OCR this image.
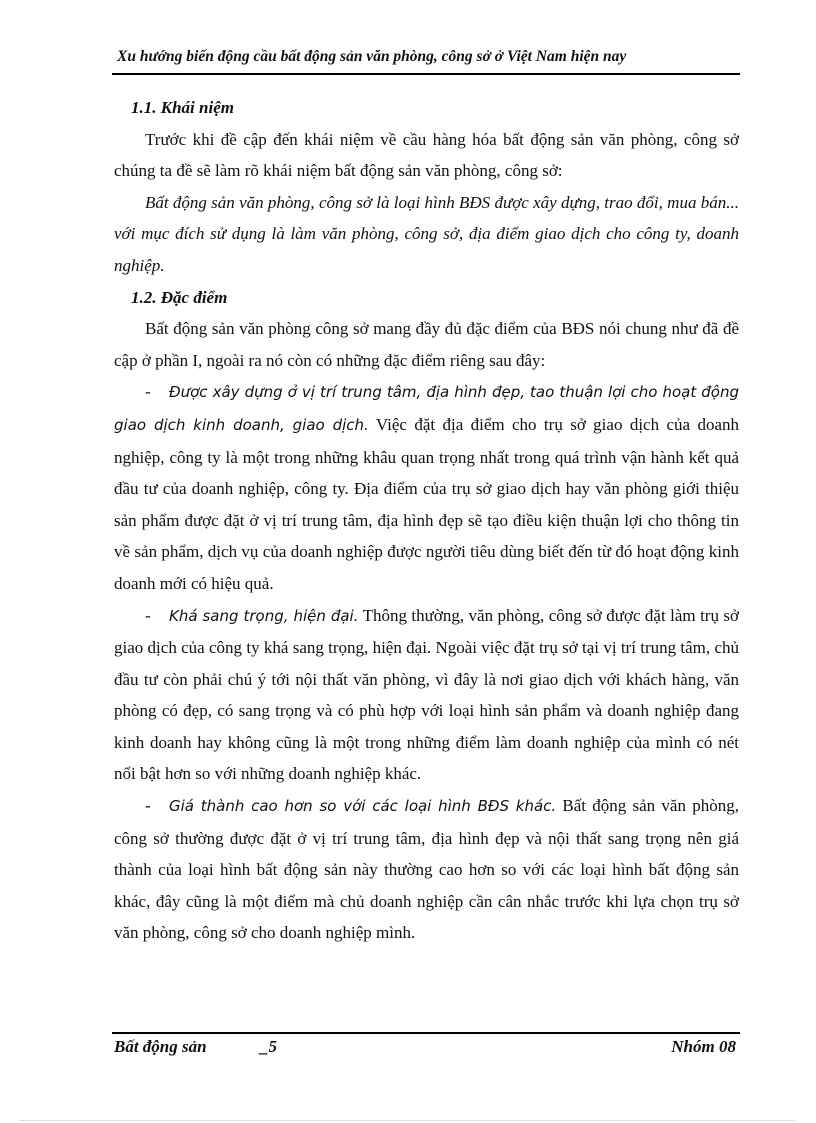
Xu hướng biến động cầu bất động sản văn phòng, công sở ở Việt Nam hiện nay

1.1. Khái niệm

Trước khi đề cập đến khái niệm về cầu hàng hóa bất động sản văn phòng, công sở chúng ta đề sẽ làm rõ khái niệm bất động sản văn phòng, công sở:

Bất động sản văn phòng, công sở là loại hình BĐS được xây dựng, trao đổi, mua bán... với mục đích sử dụng là làm văn phòng, công sở, địa điểm giao dịch cho công ty, doanh nghiệp.

1.2. Đặc điểm

Bất động sản văn phòng công sở mang đầy đủ đặc điểm của BĐS nói chung như đã đề cập ở phần I, ngoài ra nó còn có những đặc điểm riêng sau đây:

- Được xây dựng ở vị trí trung tâm, địa hình đẹp, tao thuận lợi cho hoạt động giao dịch kinh doanh, giao dịch. Việc đặt địa điểm cho trụ sở giao dịch của doanh nghiệp, công ty là một trong những khâu quan trọng nhất trong quá trình vận hành kết quả đầu tư của doanh nghiệp, công ty. Địa điểm của trụ sở giao dịch hay văn phòng giới thiệu sản phẩm được đặt ở vị trí trung tâm, địa hình đẹp sẽ tạo điều kiện thuận lợi cho thông tin về sản phẩm, dịch vụ của doanh nghiệp được người tiêu dùng biết đến từ đó hoạt động kinh doanh mới có hiệu quả.

- Khá sang trọng, hiện đại. Thông thường, văn phòng, công sở được đặt làm trụ sở giao dịch của công ty khá sang trọng, hiện đại. Ngoài việc đặt trụ sở tại vị trí trung tâm, chủ đầu tư còn phải chú ý tới nội thất văn phòng, vì đây là nơi giao dịch với khách hàng, văn phòng có đẹp, có sang trọng và có phù hợp với loại hình sản phẩm và doanh nghiệp đang kinh doanh hay không cũng là một trong những điểm làm doanh nghiệp của mình có nét nổi bật hơn so với những doanh nghiệp khác.

- Giá thành cao hơn so với các loại hình BĐS khác. Bất động sản văn phòng, công sở thường được đặt ở vị trí trung tâm, địa hình đẹp và nội thất sang trọng nên giá thành của loại hình bất động sản này thường cao hơn so với các loại hình bất động sản khác, đây cũng là một điểm mà chủ doanh nghiệp cần cân nhắc trước khi lựa chọn trụ sở văn phòng, công sở cho doanh nghiệp mình.

Bất động sản	_5	Nhóm 08
